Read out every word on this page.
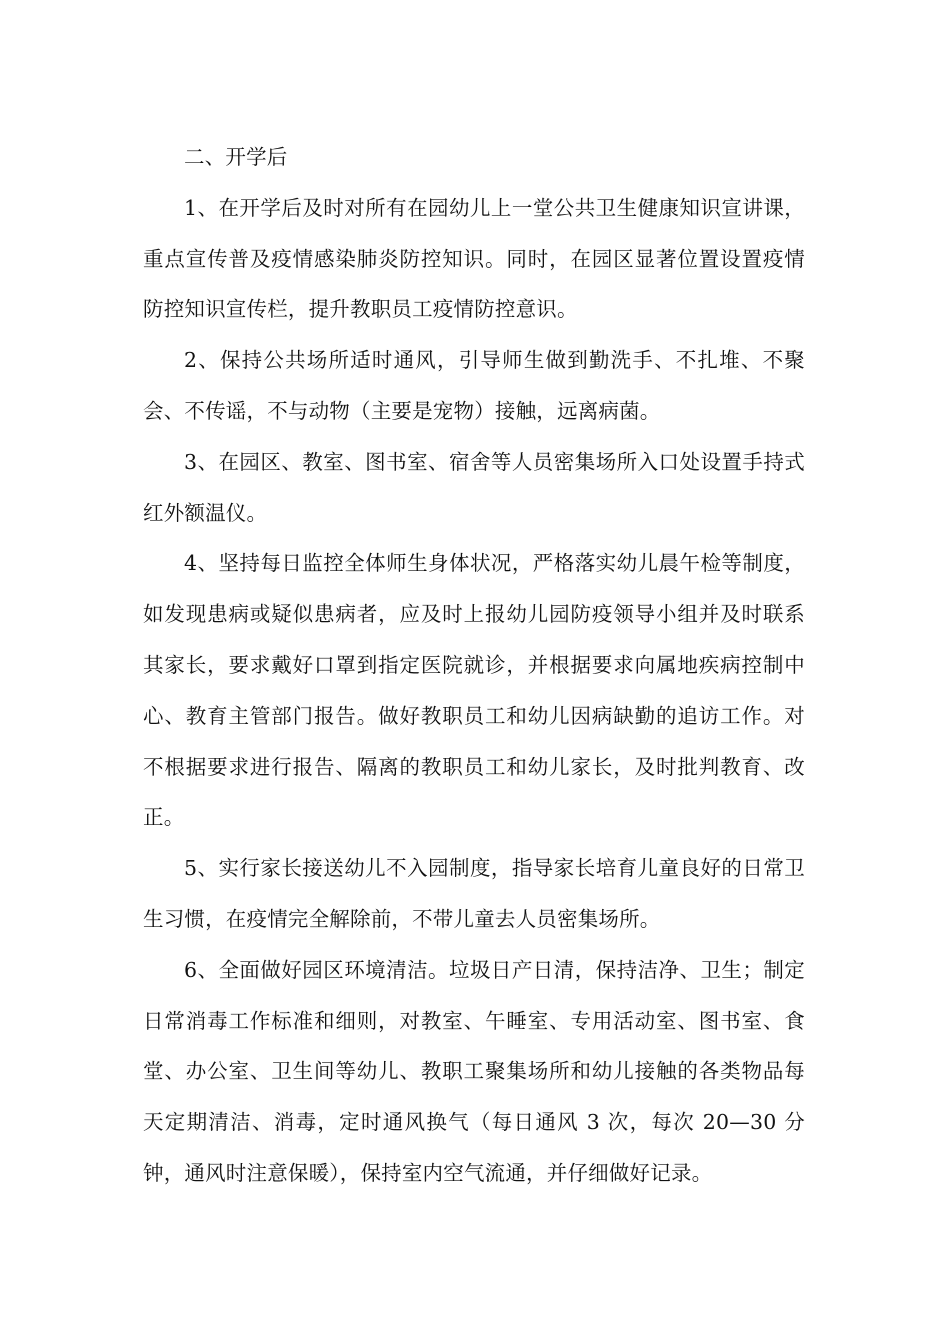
二、开学后

1、在开学后及时对所有在园幼儿上一堂公共卫生健康知识宣讲课，重点宣传普及疫情感染肺炎防控知识。同时，在园区显著位置设置疫情防控知识宣传栏，提升教职员工疫情防控意识。

2、保持公共场所适时通风，引导师生做到勤洗手、不扎堆、不聚会、不传谣，不与动物（主要是宠物）接触，远离病菌。

3、在园区、教室、图书室、宿舍等人员密集场所入口处设置手持式红外额温仪。

4、坚持每日监控全体师生身体状况，严格落实幼儿晨午检等制度，如发现患病或疑似患病者，应及时上报幼儿园防疫领导小组并及时联系其家长，要求戴好口罩到指定医院就诊，并根据要求向属地疾病控制中心、教育主管部门报告。做好教职员工和幼儿因病缺勤的追访工作。对不根据要求进行报告、隔离的教职员工和幼儿家长，及时批判教育、改正。

5、实行家长接送幼儿不入园制度，指导家长培育儿童良好的日常卫生习惯，在疫情完全解除前，不带儿童去人员密集场所。

6、全面做好园区环境清洁。垃圾日产日清，保持洁净、卫生；制定日常消毒工作标准和细则，对教室、午睡室、专用活动室、图书室、食堂、办公室、卫生间等幼儿、教职工聚集场所和幼儿接触的各类物品每天定期清洁、消毒，定时通风换气（每日通风 3 次，每次 20—30 分钟，通风时注意保暖），保持室内空气流通，并仔细做好记录。
